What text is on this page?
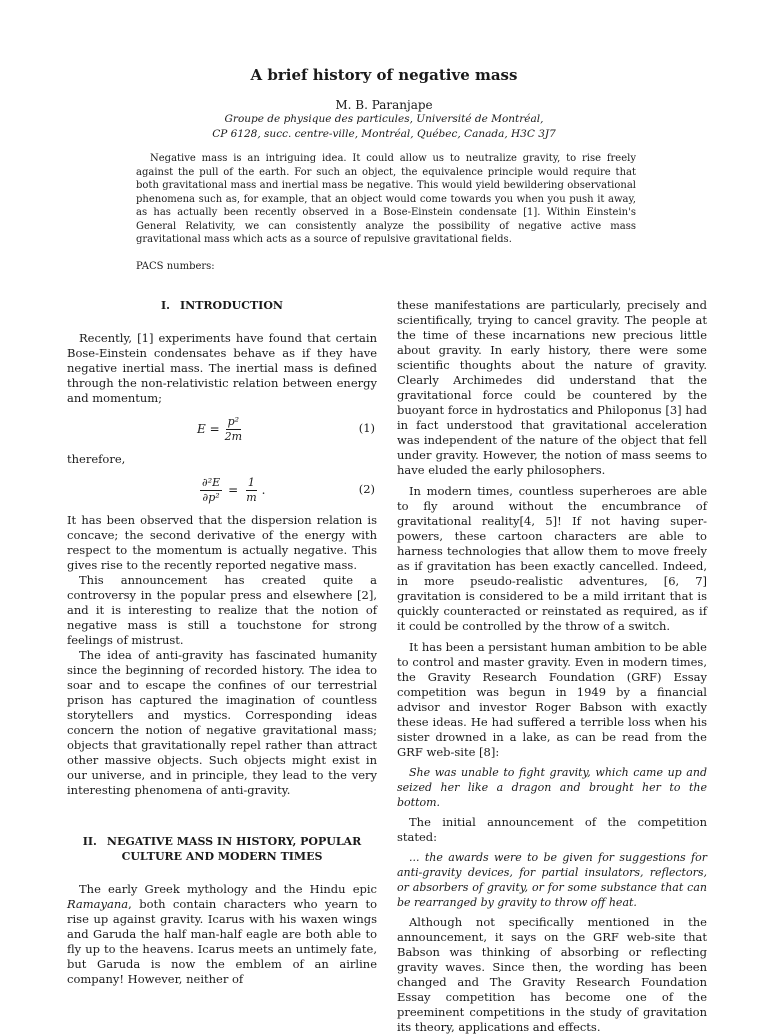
A brief history of negative mass

M. B. Paranjape

Groupe de physique des particules, Université de Montréal,
CP 6128, succ. centre-ville, Montréal, Québec, Canada, H3C 3J7

Negative mass is an intriguing idea. It could allow us to neutralize gravity, to rise freely against the pull of the earth. For such an object, the equivalence principle would require that both gravitational mass and inertial mass be negative. This would yield bewildering observational phenomena such as, for example, that an object would come towards you when you push it away, as has actually been recently observed in a Bose-Einstein condensate [1]. Within Einstein's General Relativity, we can consistently analyze the possibility of negative active mass gravitational mass which acts as a source of repulsive gravitational fields.

PACS numbers:

I. INTRODUCTION

Recently, [1] experiments have found that certain Bose-Einstein condensates behave as if they have negative inertial mass. The inertial mass is defined through the non-relativistic relation between energy and momentum;

$E = \frac{\text{p²}}{2m}$	(1)

therefore,

$\frac{\text{∂²E}}{\text{∂p²}} = \frac{1}{m}$ .	(2)

It has been observed that the dispersion relation is concave; the second derivative of the energy with respect to the momentum is actually negative. This gives rise to the recently reported negative mass.

This announcement has created quite a controversy in the popular press and elsewhere [2], and it is interesting to realize that the notion of negative mass is still a touchstone for strong feelings of mistrust.

The idea of anti-gravity has fascinated humanity since the beginning of recorded history. The idea to soar and to escape the confines of our terrestrial prison has captured the imagination of countless storytellers and mystics. Corresponding ideas concern the notion of negative gravitational mass; objects that gravitationally repel rather than attract other massive objects. Such objects might exist in our universe, and in principle, they lead to the very interesting phenomena of anti-gravity.

II. NEGATIVE MASS IN HISTORY, POPULAR
CULTURE AND MODERN TIMES

The early Greek mythology and the Hindu epic Ramayana, both contain characters who yearn to rise up against gravity. Icarus with his waxen wings and Garuda the half man-half eagle are both able to fly up to the heavens. Icarus meets an untimely fate, but Garuda is now the emblem of an airline company! However, neither of

these manifestations are particularly, precisely and scientifically, trying to cancel gravity. The people at the time of these incarnations new precious little about gravity. In early history, there were some scientific thoughts about the nature of gravity. Clearly Archimedes did understand that the gravitational force could be countered by the buoyant force in hydrostatics and Philoponus [3] had in fact understood that gravitational acceleration was independent of the nature of the object that fell under gravity. However, the notion of mass seems to have eluded the early philosophers.

In modern times, countless superheroes are able to fly around without the encumbrance of gravitational reality[4, 5]! If not having super-powers, these cartoon characters are able to harness technologies that allow them to move freely as if gravitation has been exactly cancelled. Indeed, in more pseudo-realistic adventures, [6, 7] gravitation is considered to be a mild irritant that is quickly counteracted or reinstated as required, as if it could be controlled by the throw of a switch.

It has been a persistant human ambition to be able to control and master gravity. Even in modern times, the Gravity Research Foundation (GRF) Essay competition was begun in 1949 by a financial advisor and investor Roger Babson with exactly these ideas. He had suffered a terrible loss when his sister drowned in a lake, as can be read from the GRF web-site [8]:

She was unable to fight gravity, which came up and seized her like a dragon and brought her to the bottom.

The initial announcement of the competition stated:

... the awards were to be given for suggestions for anti-gravity devices, for partial insulators, reflectors, or absorbers of gravity, or for some substance that can be rearranged by gravity to throw off heat.

Although not specifically mentioned in the announcement, it says on the GRF web-site that Babson was thinking of absorbing or reflecting gravity waves. Since then, the wording has been changed and The Gravity Research Foundation Essay competition has become one of the preeminent competitions in the study of gravitation its theory, applications and effects.
